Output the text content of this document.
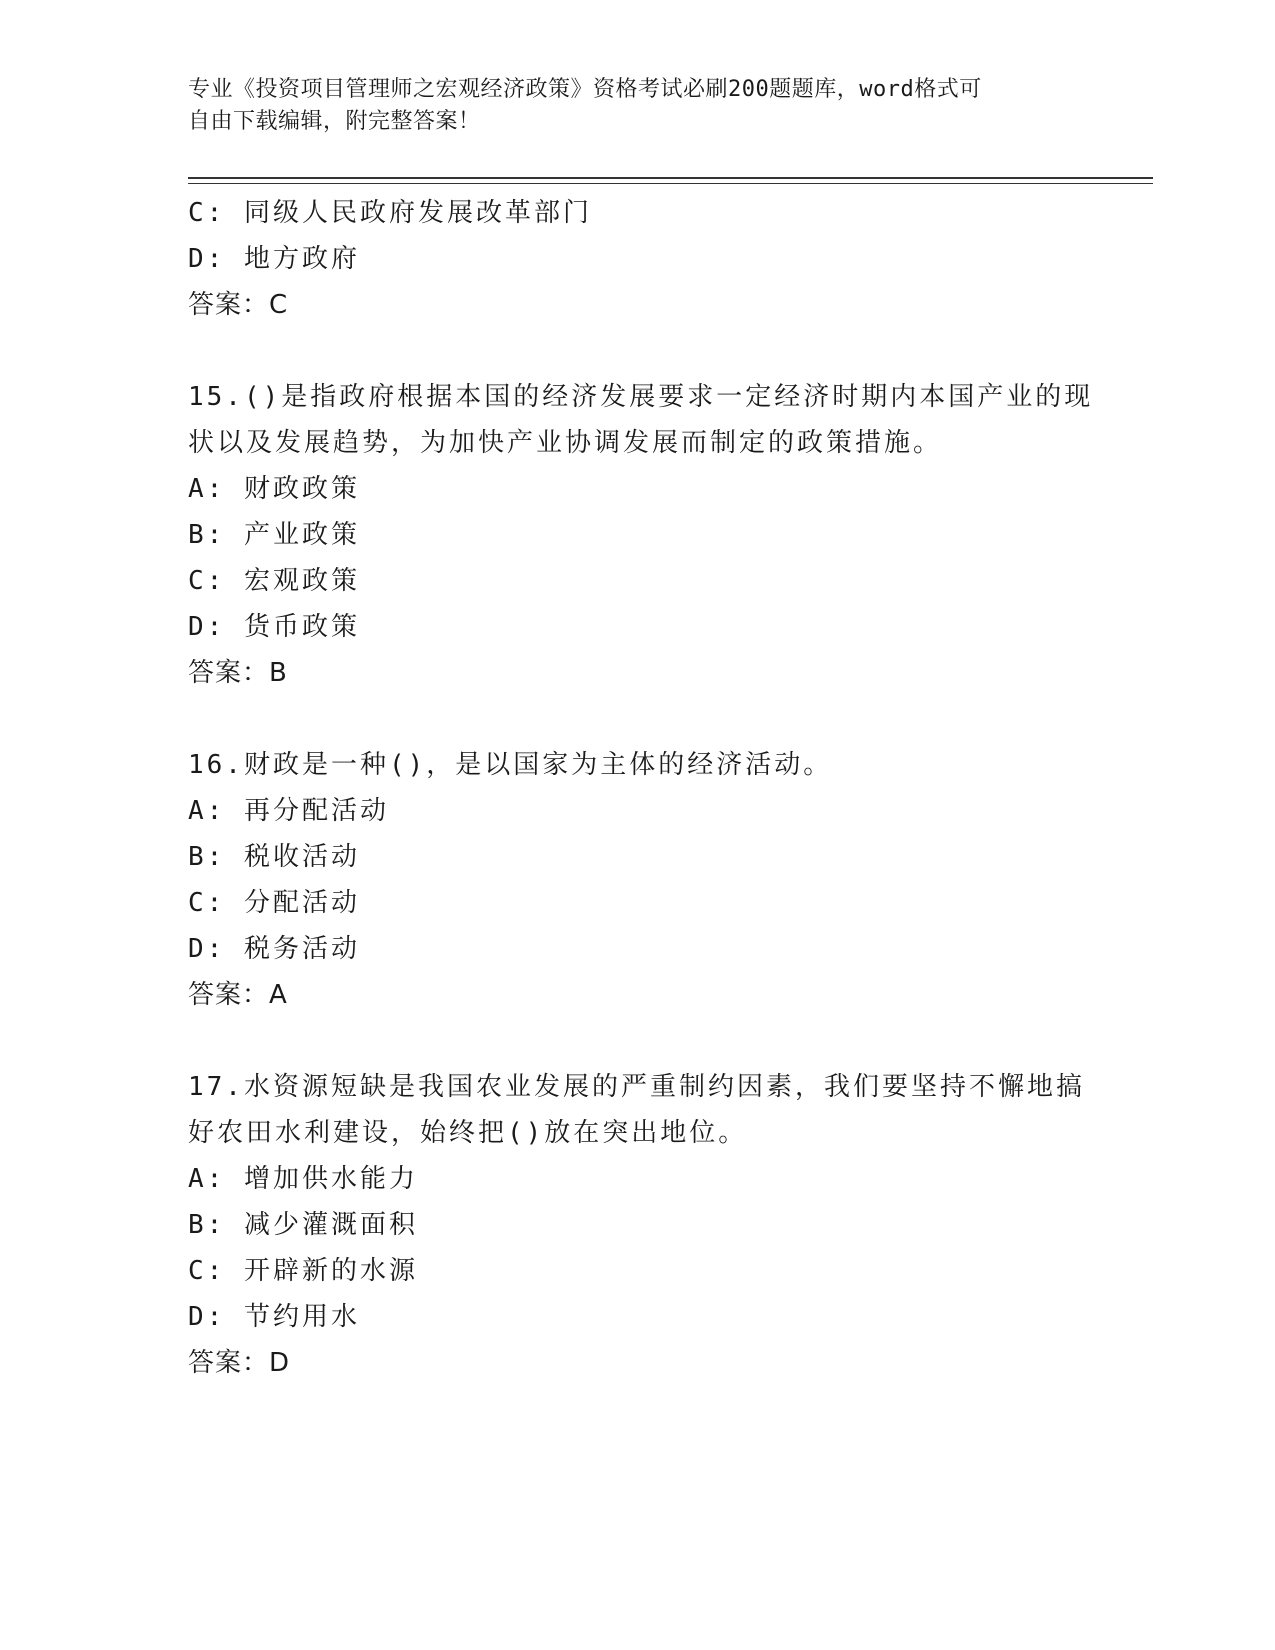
专业《投资项目管理师之宏观经济政策》资格考试必刷200题题库，word格式可
自由下载编辑，附完整答案！
C: 同级人民政府发展改革部门
D: 地方政府
答案：C
15.()是指政府根据本国的经济发展要求一定经济时期内本国产业的现
状以及发展趋势，为加快产业协调发展而制定的政策措施。
A: 财政政策
B: 产业政策
C: 宏观政策
D: 货币政策
答案：B
16.财政是一种()，是以国家为主体的经济活动。
A: 再分配活动
B: 税收活动
C: 分配活动
D: 税务活动
答案：A
17.水资源短缺是我国农业发展的严重制约因素，我们要坚持不懈地搞
好农田水利建设，始终把()放在突出地位。
A: 增加供水能力
B: 减少灌溉面积
C: 开辟新的水源
D: 节约用水
答案：D
